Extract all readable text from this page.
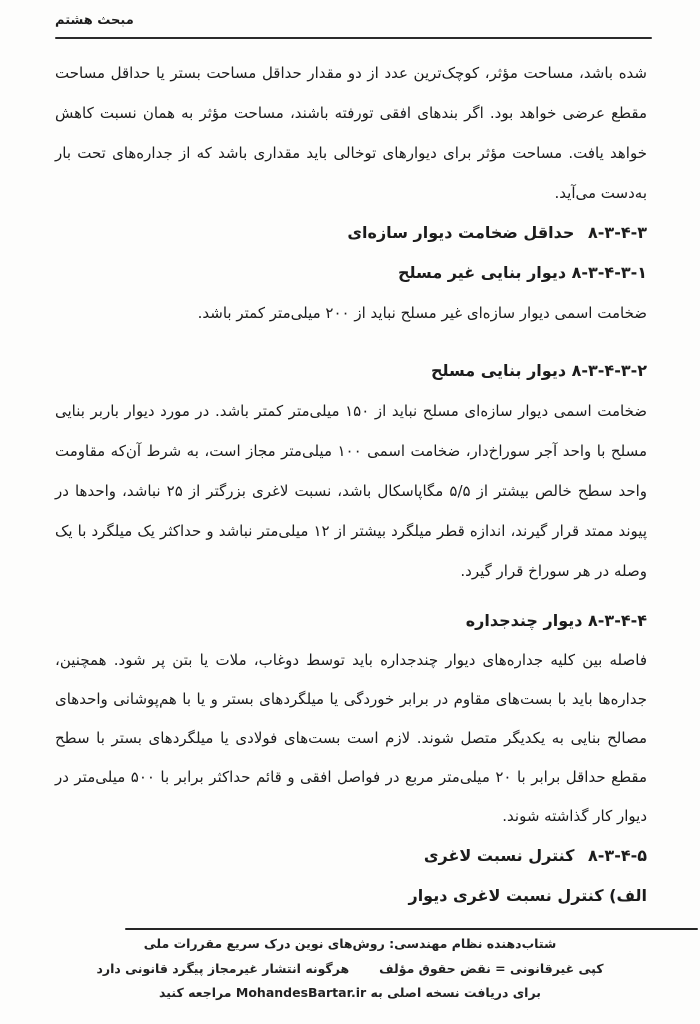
مبحث هشتم

شده باشد، مساحت مؤثر، کوچک‌ترین عدد از دو مقدار حداقل مساحت بستر یا حداقل مساحت
مقطع عرضی خواهد بود. اگر بندهای افقی تورفته باشند، مساحت مؤثر به همان نسبت کاهش
خواهد یافت. مساحت مؤثر برای دیوارهای توخالی باید مقداری باشد که از جداره‌های تحت بار
به‌دست می‌آید.

۸-۳-۴-۳  حداقل ضخامت دیوار سازه‌ای
۸-۳-۴-۳-۱ دیوار بنایی غیر مسلح

ضخامت اسمی دیوار سازه‌ای غیر مسلح نباید از ۲۰۰ میلی‌متر کمتر باشد.

۸-۳-۴-۳-۲ دیوار بنایی مسلح

ضخامت اسمی دیوار سازه‌ای مسلح نباید از ۱۵۰ میلی‌متر کمتر باشد. در مورد دیوار باربر بنایی
مسلح با واحد آجر سوراخ‌دار، ضخامت اسمی ۱۰۰ میلی‌متر مجاز است، به شرط آن‌که مقاومت
واحد سطح خالص بیشتر از ۵/۵ مگاپاسکال باشد، نسبت لاغری بزرگتر از ۲۵ نباشد، واحدها در
پیوند ممتد قرار گیرند، اندازه قطر میلگرد بیشتر از ۱۲ میلی‌متر نباشد و حداکثر یک میلگرد با یک
وصله در هر سوراخ قرار گیرد.

۸-۳-۴-۴ دیوار چندجداره

فاصله بین کلیه جداره‌های دیوار چندجداره باید توسط دوغاب، ملات یا بتن پر شود. همچنین،
جداره‌ها باید با بست‌های مقاوم در برابر خوردگی یا میلگردهای بستر و یا با هم‌پوشانی واحدهای
مصالح بنایی به یکدیگر متصل شوند. لازم است بست‌های فولادی یا میلگردهای بستر با سطح
مقطع حداقل برابر با ۲۰ میلی‌متر مربع در فواصل افقی و قائم حداکثر برابر با ۵۰۰ میلی‌متر در
دیوار کار گذاشته شوند.

۸-۳-۴-۵  کنترل نسبت لاغری
الف) کنترل نسبت لاغری دیوار
شتاب‌دهنده نظام مهندسی: روش‌های نوین درک سریع مقررات ملی
کپی غیرقانونی = نقض حقوق مؤلف
هرگونه انتشار غیرمجاز پیگرد قانونی دارد
برای دریافت نسخه اصلی به MohandesBartar.ir مراجعه کنید
